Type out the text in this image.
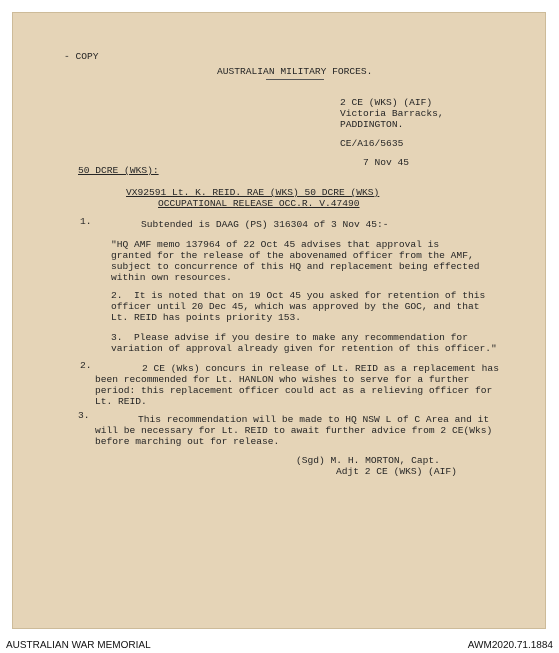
- COPY

AUSTRALIAN MILITARY FORCES.

2 CE (WKS) (AIF)

Victoria Barracks,

PADDINGTON.

CE/A16/5635

7 Nov 45

50 DCRE (WKS):

VX92591 Lt. K. REID. RAE (WKS) 50 DCRE (WKS)

OCCUPATIONAL RELEASE OCC.R. V.47490

1.	Subtended is DAAG (PS) 316304 of 3 Nov 45:-

"HQ AMF memo 137964 of 22 Oct 45 advises that approval is

granted for the release of the abovenamed officer from the AMF,

subject to concurrence of this HQ and replacement being effected

within own resources.

2.  It is noted that on 19 Oct 45 you asked for retention of this

officer until 20 Dec 45, which was approved by the GOC, and that

Lt. REID has points priority 153.

3.  Please advise if you desire to make any recommendation for

variation of approval already given for retention of this officer."

2.	2 CE (Wks) concurs in release of Lt. REID as a replacement has

been recommended for Lt. HANLON who wishes to serve for a further

period: this replacement officer could act as a relieving officer for

Lt. REID.

3.	This recommendation will be made to HQ NSW L of C Area and it

will be necessary for Lt. REID to await further advice from 2 CE(Wks)

before marching out for release.

(Sgd) M. H. MORTON, Capt.

Adjt 2 CE (WKS) (AIF)

AUSTRALIAN WAR MEMORIAL	AWM2020.71.1884
